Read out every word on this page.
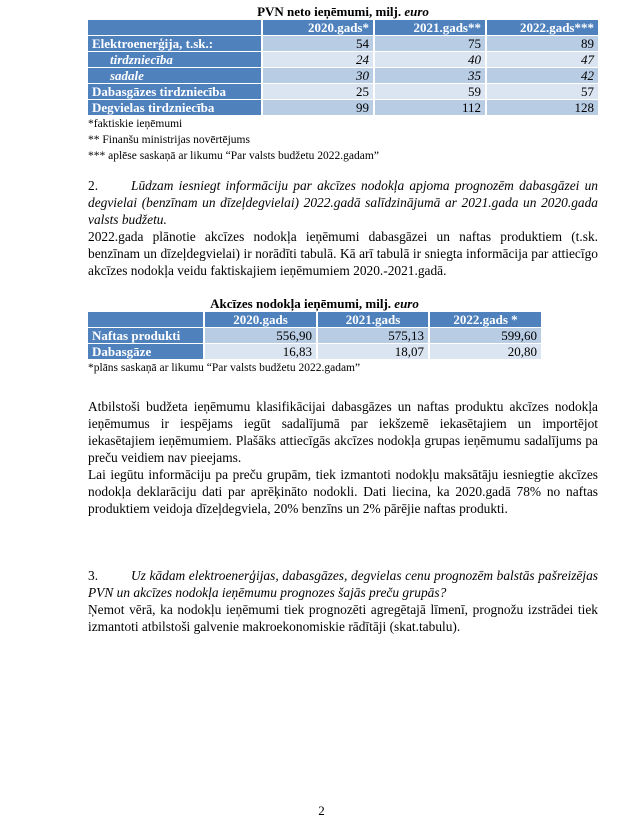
PVN neto ieņēmumi, milj. euro
	2020.gads*	2021.gads**	2022.gads***
Elektroenerģija, t.sk.:	54	75	89
tirdzniecība	24	40	47
sadale	30	35	42
Dabasgāzes tirdzniecība	25	59	57
Degvielas tirdzniecība	99	112	128
*faktiskie ieņēmumi
** Finanšu ministrijas novērtējums
*** aplēse saskaņā ar likumu “Par valsts budžetu 2022.gadam”
2. Lūdzam iesniegt informāciju par akcīzes nodokļa apjoma prognozēm dabasgāzei un degvielai (benzīnam un dīzeļdegvielai) 2022.gadā salīdzinājumā ar 2021.gada un 2020.gada valsts budžetu.
2022.gada plānotie akcīzes nodokļa ieņēmumi dabasgāzei un naftas produktiem (t.sk. benzīnam un dīzeļdegvielai) ir norādīti tabulā. Kā arī tabulā ir sniegta informācija par attiecīgo akcīzes nodokļa veidu faktiskajiem ieņēmumiem 2020.-2021.gadā.
Akcīzes nodokļa ieņēmumi, milj. euro
	2020.gads	2021.gads	2022.gads *
Naftas produkti	556,90	575,13	599,60
Dabasgāze	16,83	18,07	20,80
*plāns saskaņā ar likumu “Par valsts budžetu 2022.gadam”
Atbilstoši budžeta ieņēmumu klasifikācijai dabasgāzes un naftas produktu akcīzes nodokļa ieņēmumus ir iespējams iegūt sadalījumā par iekšzemē iekasētajiem un importējot iekasētajiem ieņēmumiem. Plašāks attiecīgās akcīzes nodokļa grupas ieņēmumu sadalījums pa preču veidiem nav pieejams.
Lai iegūtu informāciju pa preču grupām, tiek izmantoti nodokļu maksātāju iesniegtie akcīzes nodokļa deklarāciju dati par aprēķināto nodokli. Dati liecina, ka 2020.gadā 78% no naftas produktiem veidoja dīzeļdegviela, 20% benzīns un 2% pārējie naftas produkti.
3. Uz kādam elektroenerģijas, dabasgāzes, degvielas cenu prognozēm balstās pašreizējas PVN un akcīzes nodokļa ieņēmumu prognozes šajās preču grupās?
Ņemot vērā, ka nodokļu ieņēmumi tiek prognozēti agregētajā līmenī, prognožu izstrādei tiek izmantoti atbilstoši galvenie makroekonomiskie rādītāji (skat.tabulu).
2
